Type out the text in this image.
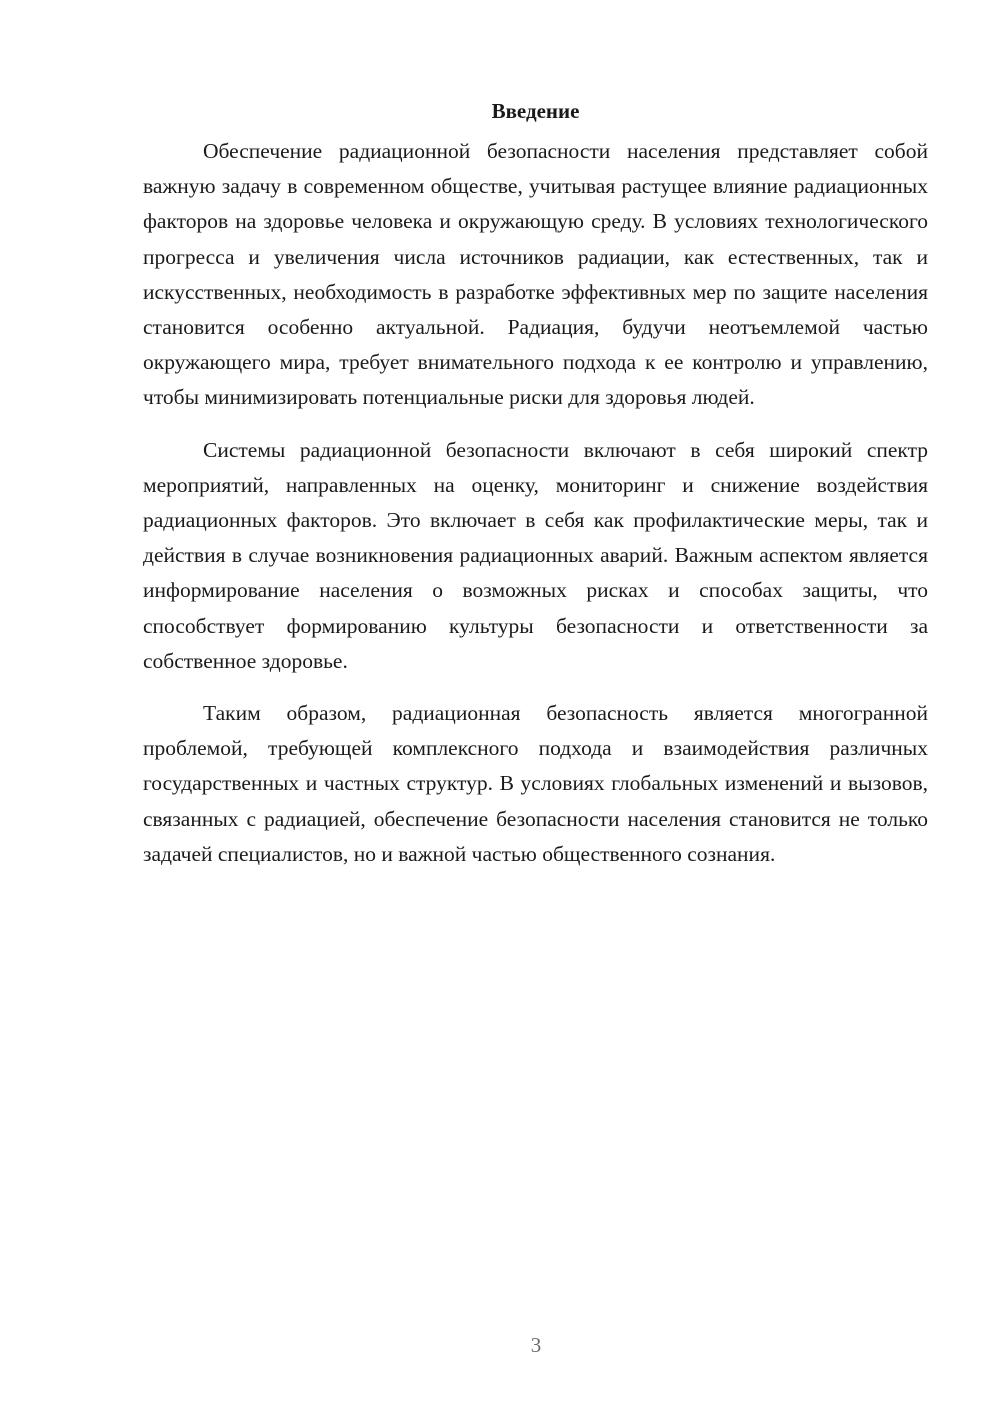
Введение

Обеспечение радиационной безопасности населения представляет собой важную задачу в современном обществе, учитывая растущее влияние радиационных факторов на здоровье человека и окружающую среду. В условиях технологического прогресса и увеличения числа источников радиации, как естественных, так и искусственных, необходимость в разработке эффективных мер по защите населения становится особенно актуальной. Радиация, будучи неотъемлемой частью окружающего мира, требует внимательного подхода к ее контролю и управлению, чтобы минимизировать потенциальные риски для здоровья людей.

Системы радиационной безопасности включают в себя широкий спектр мероприятий, направленных на оценку, мониторинг и снижение воздействия радиационных факторов. Это включает в себя как профилактические меры, так и действия в случае возникновения радиационных аварий. Важным аспектом является информирование населения о возможных рисках и способах защиты, что способствует формированию культуры безопасности и ответственности за собственное здоровье.

Таким образом, радиационная безопасность является многогранной проблемой, требующей комплексного подхода и взаимодействия различных государственных и частных структур. В условиях глобальных изменений и вызовов, связанных с радиацией, обеспечение безопасности населения становится не только задачей специалистов, но и важной частью общественного сознания.

3
